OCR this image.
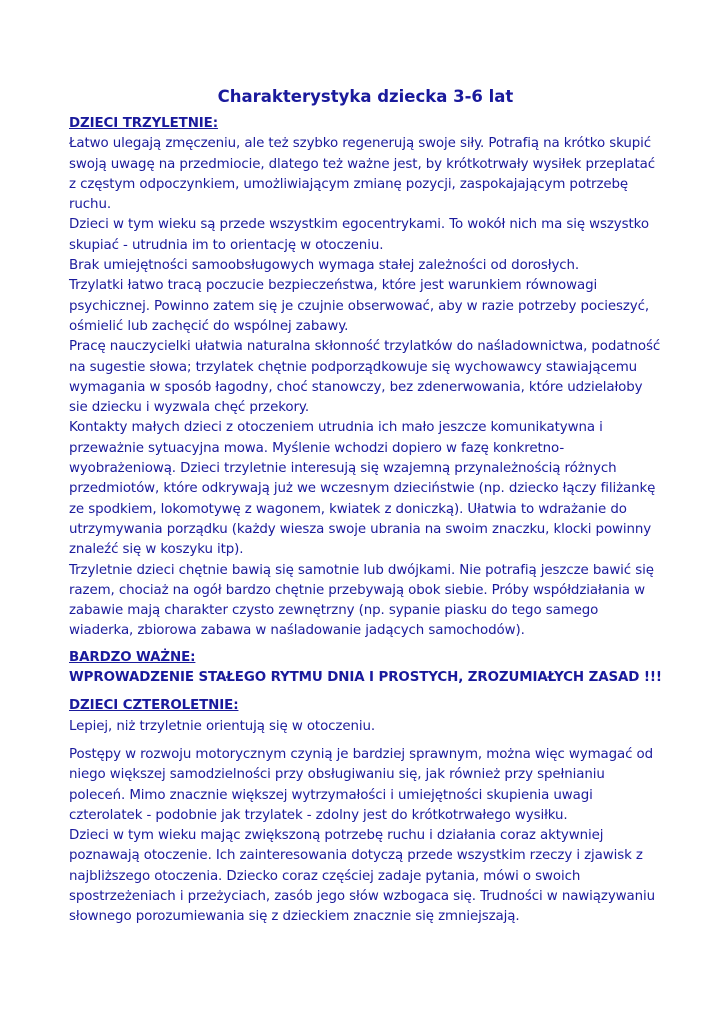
Charakterystyka dziecka 3-6 lat

DZIECI TRZYLETNIE:

Łatwo ulegają zmęczeniu, ale też szybko regenerują swoje siły. Potrafią na krótko skupić swoją uwagę na przedmiocie, dlatego też ważne jest, by krótkotrwały wysiłek przeplatać z częstym odpoczynkiem, umożliwiającym zmianę pozycji, zaspokajającym potrzebę ruchu.

Dzieci w tym wieku są przede wszystkim egocentrykami. To wokół nich ma się wszystko skupiać - utrudnia im to orientację w otoczeniu.

Brak umiejętności samoobsługowych wymaga stałej zależności od dorosłych.

Trzylatki łatwo tracą poczucie bezpieczeństwa, które jest warunkiem równowagi psychicznej. Powinno zatem się je czujnie obserwować, aby w razie potrzeby pocieszyć, ośmielić lub zachęcić do wspólnej zabawy.

Pracę nauczycielki ułatwia naturalna skłonność trzylatków do naśladownictwa, podatność na sugestie słowa; trzylatek chętnie podporządkowuje się wychowawcy stawiającemu wymagania w sposób łagodny, choć stanowczy, bez zdenerwowania, które udzielałoby sie dziecku i wyzwala chęć przekory.

Kontakty małych dzieci z otoczeniem utrudnia ich mało jeszcze komunikatywna i przeważnie sytuacyjna mowa. Myślenie wchodzi dopiero w fazę konkretno-wyobrażeniową. Dzieci trzyletnie interesują się wzajemną przynależnością różnych przedmiotów, które odkrywają już we wczesnym dzieciństwie (np. dziecko łączy filiżankę ze spodkiem, lokomotywę z wagonem, kwiatek z doniczką). Ułatwia to wdrażanie do utrzymywania porządku (każdy wiesza swoje ubrania na swoim znaczku, klocki powinny znaleźć się w koszyku itp).

Trzyletnie dzieci chętnie bawią się samotnie lub dwójkami. Nie potrafią jeszcze bawić się razem, chociaż na ogół bardzo chętnie przebywają obok siebie. Próby współdziałania w zabawie mają charakter czysto zewnętrzny (np. sypanie piasku do tego samego wiaderka, zbiorowa zabawa w naśladowanie jadących samochodów).

BARDZO WAŻNE:

WPROWADZENIE STAŁEGO RYTMU DNIA I PROSTYCH, ZROZUMIAŁYCH ZASAD !!!

DZIECI CZTEROLETNIE:

Lepiej, niż trzyletnie orientują się w otoczeniu.

Postępy w rozwoju motorycznym czynią je bardziej sprawnym, można więc wymagać od niego większej samodzielności przy obsługiwaniu się, jak również przy spełnianiu poleceń. Mimo znacznie większej wytrzymałości i umiejętności skupienia uwagi czterolatek - podobnie jak trzylatek - zdolny jest do krótkotrwałego wysiłku.

Dzieci w tym wieku mając zwiększoną potrzebę ruchu i działania coraz aktywniej poznawają otoczenie. Ich zainteresowania dotyczą przede wszystkim rzeczy i zjawisk z najbliższego otoczenia. Dziecko coraz częściej zadaje pytania, mówi o swoich spostrzeżeniach i przeżyciach, zasób jego słów wzbogaca się. Trudności w nawiązywaniu słownego porozumiewania się z dzieckiem znacznie się zmniejszają.
